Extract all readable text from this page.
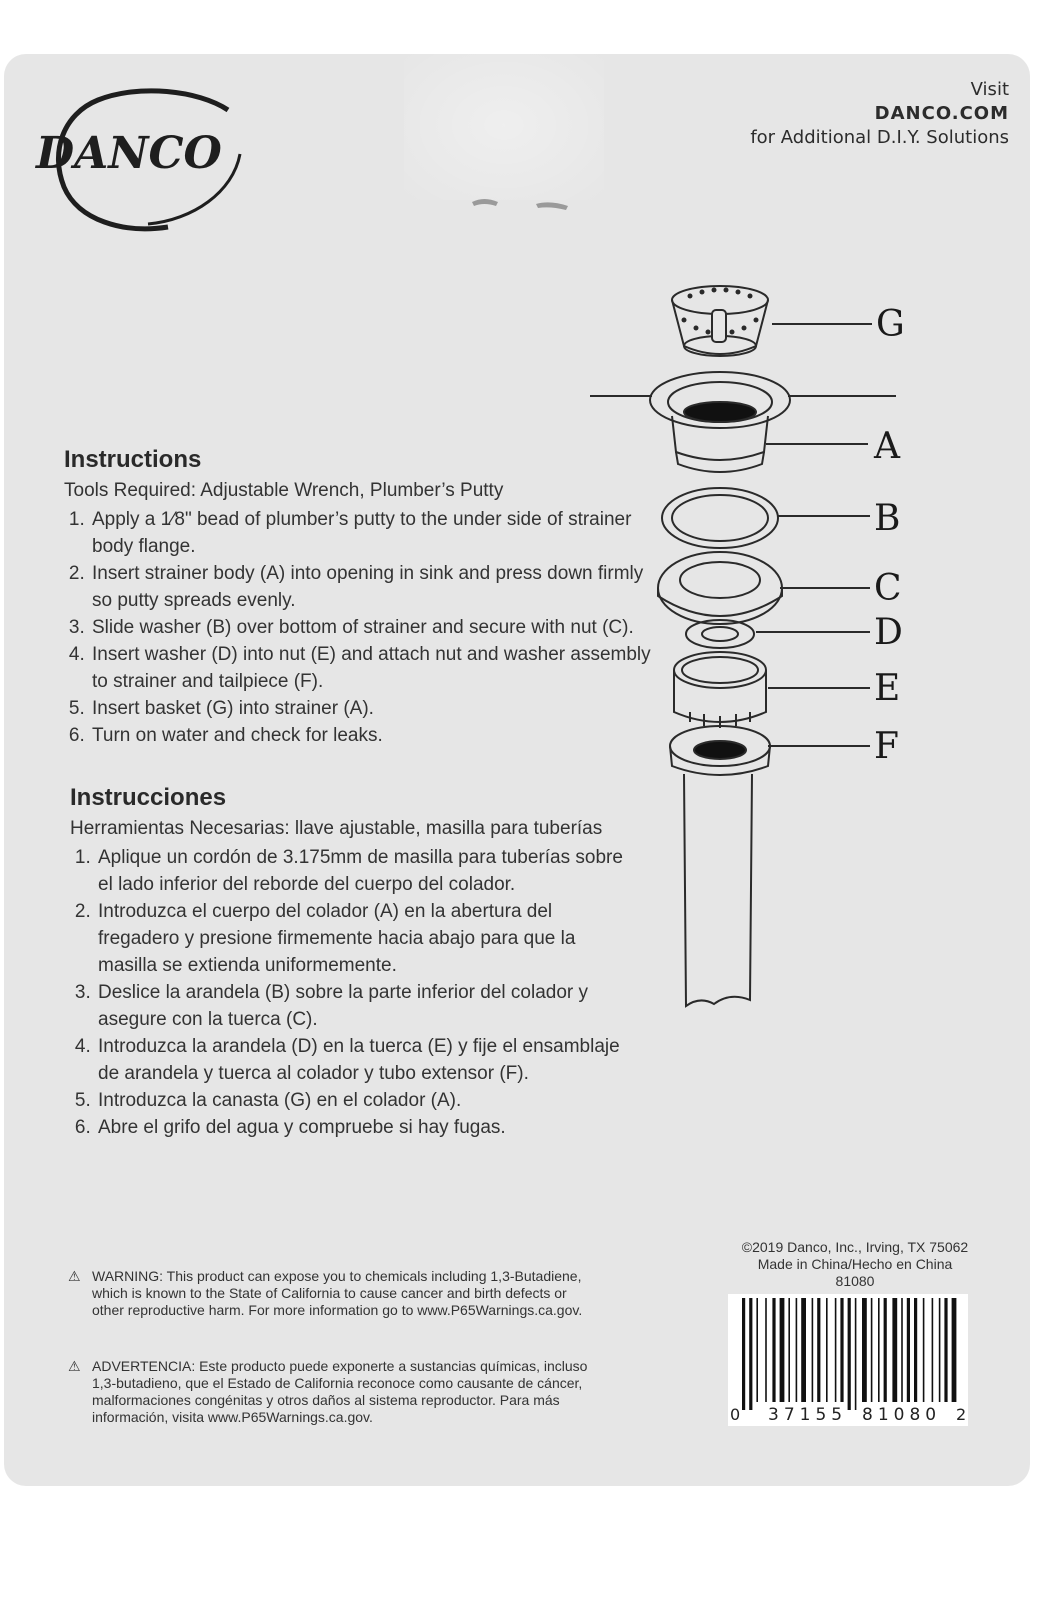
DANCO
Visit
DANCO.COM
for Additional D.I.Y. Solutions
G
A
B
C
D
E
F
Instructions
Tools Required: Adjustable Wrench, Plumber’s Putty
1. Apply a 1⁄8" bead of plumber’s putty to the under side of strainer body flange.
2. Insert strainer body (A) into opening in sink and press down firmly so putty spreads evenly.
3. Slide washer (B) over bottom of strainer and secure with nut (C).
4. Insert washer (D) into nut (E) and attach nut and washer assembly to strainer and tailpiece (F).
5. Insert basket (G) into strainer (A).
6. Turn on water and check for leaks.
Instrucciones
Herramientas Necesarias: llave ajustable, masilla para tuberías
1. Aplique un cordón de 3.175mm de masilla para tuberías sobre el lado inferior del reborde del cuerpo del colador.
2. Introduzca el cuerpo del colador (A) en la abertura del fregadero y presione firmemente hacia abajo para que la masilla se extienda uniformemente.
3. Deslice la arandela (B) sobre la parte inferior del colador y asegure con la tuerca (C).
4. Introduzca la arandela (D) en la tuerca (E) y fije el ensamblaje de arandela y tuerca al colador y tubo extensor (F).
5. Introduzca la canasta (G) en el colador (A).
6. Abre el grifo del agua y compruebe si hay fugas.
⚠ WARNING: This product can expose you to chemicals including 1,3-Butadiene, which is known to the State of California to cause cancer and birth defects or other reproductive harm. For more information go to www.P65Warnings.ca.gov.
⚠ ADVERTENCIA: Este producto puede exponerte a sustancias químicas, incluso 1,3-butadieno, que el Estado de California reconoce como causante de cáncer, malformaciones congénitas y otros daños al sistema reproductor. Para más información, visita www.P65Warnings.ca.gov.
©2019 Danco, Inc., Irving, TX 75062
Made in China/Hecho en China
81080
0 37155 81080 2
